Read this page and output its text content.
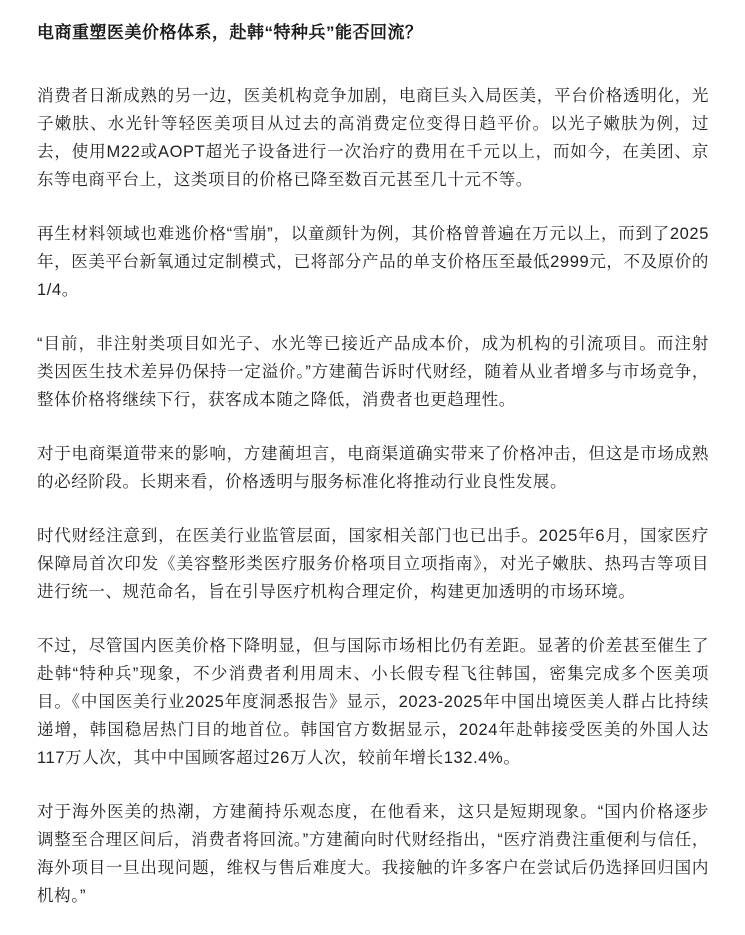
电商重塑医美价格体系，赴韩“特种兵”能否回流？

消费者日渐成熟的另一边，医美机构竞争加剧，电商巨头入局医美，平台价格透明化，光子嫩肤、水光针等轻医美项目从过去的高消费定位变得日趋平价。以光子嫩肤为例，过去，使用M22或AOPT超光子设备进行一次治疗的费用在千元以上，而如今，在美团、京东等电商平台上，这类项目的价格已降至数百元甚至几十元不等。

再生材料领域也难逃价格“雪崩”，以童颜针为例，其价格曾普遍在万元以上，而到了2025年，医美平台新氧通过定制模式，已将部分产品的单支价格压至最低2999元，不及原价的1/4。

“目前，非注射类项目如光子、水光等已接近产品成本价，成为机构的引流项目。而注射类因医生技术差异仍保持一定溢价。”方建蔺告诉时代财经，随着从业者增多与市场竞争，整体价格将继续下行，获客成本随之降低，消费者也更趋理性。

对于电商渠道带来的影响，方建蔺坦言，电商渠道确实带来了价格冲击，但这是市场成熟的必经阶段。长期来看，价格透明与服务标准化将推动行业良性发展。

时代财经注意到，在医美行业监管层面，国家相关部门也已出手。2025年6月，国家医疗保障局首次印发《美容整形类医疗服务价格项目立项指南》，对光子嫩肤、热玛吉等项目进行统一、规范命名，旨在引导医疗机构合理定价，构建更加透明的市场环境。

不过，尽管国内医美价格下降明显，但与国际市场相比仍有差距。显著的价差甚至催生了赴韩“特种兵”现象，不少消费者利用周末、小长假专程飞往韩国，密集完成多个医美项目。《中国医美行业2025年度洞悉报告》显示，2023-2025年中国出境医美人群占比持续递增，韩国稳居热门目的地首位。韩国官方数据显示，2024年赴韩接受医美的外国人达117万人次，其中中国顾客超过26万人次，较前年增长132.4%。

对于海外医美的热潮，方建蔺持乐观态度，在他看来，这只是短期现象。“国内价格逐步调整至合理区间后，消费者将回流。”方建蔺向时代财经指出，“医疗消费注重便利与信任，海外项目一旦出现问题，维权与售后难度大。我接触的许多客户在尝试后仍选择回归国内机构。”
